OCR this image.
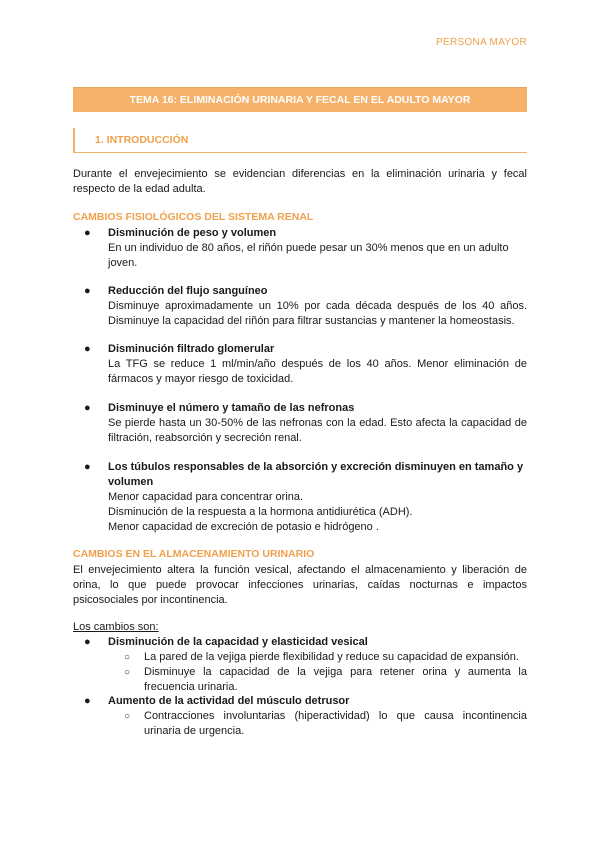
PERSONA MAYOR
TEMA 16: ELIMINACIÓN URINARIA Y FECAL EN EL ADULTO MAYOR
1. INTRODUCCIÓN
Durante el envejecimiento se evidencian diferencias en la eliminación urinaria y fecal respecto de la edad adulta.
CAMBIOS FISIOLÓGICOS DEL SISTEMA RENAL
● Disminución de peso y volumen
En un individuo de 80 años, el riñón puede pesar un 30% menos que en un adulto joven.
● Reducción del flujo sanguíneo
Disminuye aproximadamente un 10% por cada década después de los 40 años. Disminuye la capacidad del riñón para filtrar sustancias y mantener la homeostasis.
● Disminución filtrado glomerular
La TFG se reduce 1 ml/min/año después de los 40 años. Menor eliminación de fármacos y mayor riesgo de toxicidad.
● Disminuye el número y tamaño de las nefronas
Se pierde hasta un 30-50% de las nefronas con la edad. Esto afecta la capacidad de filtración, reabsorción y secreción renal.
● Los túbulos responsables de la absorción y excreción disminuyen en tamaño y volumen
Menor capacidad para concentrar orina.
Disminución de la respuesta a la hormona antidiurética (ADH).
Menor capacidad de excreción de potasio e hidrógeno .
CAMBIOS EN EL ALMACENAMIENTO URINARIO
El envejecimiento altera la función vesical, afectando el almacenamiento y liberación de orina, lo que puede provocar infecciones urinarias, caídas nocturnas e impactos psicosociales por incontinencia.
Los cambios son:
● Disminución de la capacidad y elasticidad vesical
○ La pared de la vejiga pierde flexibilidad y reduce su capacidad de expansión.
○ Disminuye la capacidad de la vejiga para retener orina y aumenta la frecuencia urinaria.
● Aumento de la actividad del músculo detrusor
○ Contracciones involuntarias (hiperactividad) lo que causa incontinencia urinaria de urgencia.
